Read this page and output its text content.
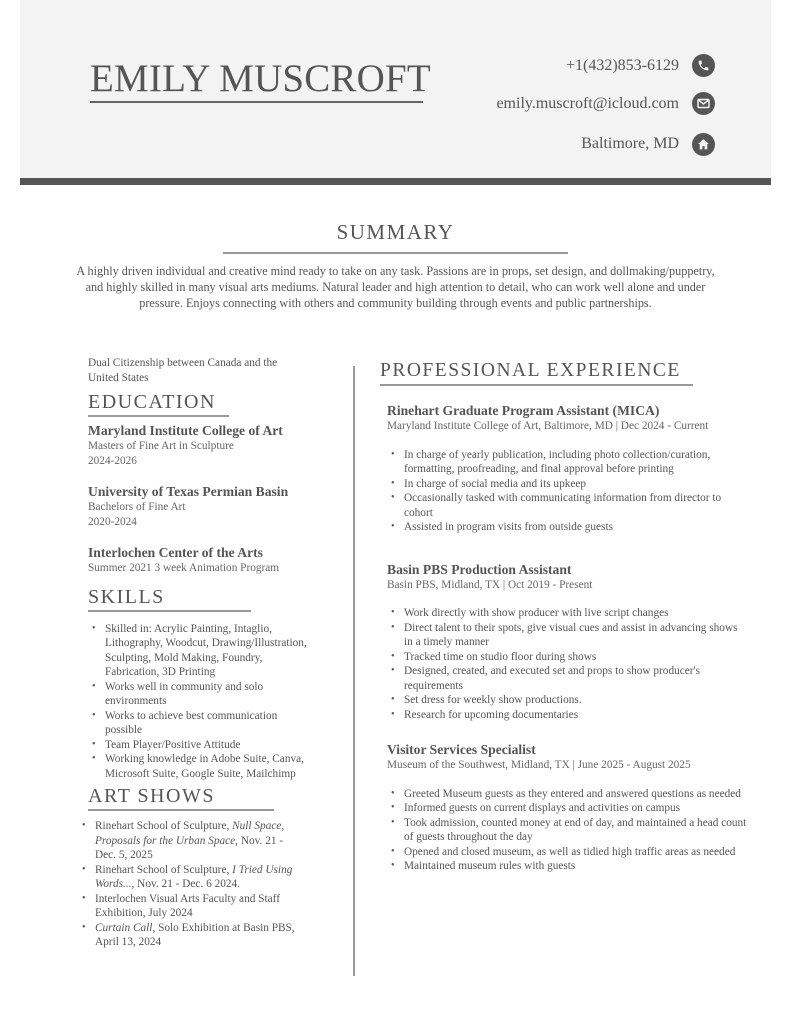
EMILY MUSCROFT	+1(432)853-6129
emily.muscroft@icloud.com
Baltimore, MD
SUMMARY
A highly driven individual and creative mind ready to take on any task. Passions are in props, set design, and dollmaking/puppetry, and highly skilled in many visual arts mediums. Natural leader and high attention to detail, who can work well alone and under pressure. Enjoys connecting with others and community building through events and public partnerships.
Dual Citizenship between Canada and the United States
EDUCATION
Maryland Institute College of Art
Masters of Fine Art in Sculpture
2024-2026
University of Texas Permian Basin
Bachelors of Fine Art
2020-2024
Interlochen Center of the Arts
Summer 2021 3 week Animation Program
SKILLS
• Skilled in: Acrylic Painting, Intaglio, Lithography, Woodcut, Drawing/Illustration, Sculpting, Mold Making, Foundry, Fabrication, 3D Printing
• Works well in community and solo environments
• Works to achieve best communication possible
• Team Player/Positive Attitude
• Working knowledge in Adobe Suite, Canva, Microsoft Suite, Google Suite, Mailchimp
ART SHOWS
• Rinehart School of Sculpture, Null Space, Proposals for the Urban Space, Nov. 21 - Dec. 5, 2025
• Rinehart School of Sculpture, I Tried Using Words..., Nov. 21 - Dec. 6 2024.
• Interlochen Visual Arts Faculty and Staff Exhibition, July 2024
• Curtain Call, Solo Exhibition at Basin PBS, April 13, 2024
PROFESSIONAL EXPERIENCE
Rinehart Graduate Program Assistant (MICA)
Maryland Institute College of Art, Baltimore, MD | Dec 2024 - Current
• In charge of yearly publication, including photo collection/curation, formatting, proofreading, and final approval before printing
• In charge of social media and its upkeep
• Occasionally tasked with communicating information from director to cohort
• Assisted in program visits from outside guests
Basin PBS Production Assistant
Basin PBS, Midland, TX | Oct 2019 - Present
• Work directly with show producer with live script changes
• Direct talent to their spots, give visual cues and assist in advancing shows in a timely manner
• Tracked time on studio floor during shows
• Designed, created, and executed set and props to show producer's requirements
• Set dress for weekly show productions.
• Research for upcoming documentaries
Visitor Services Specialist
Museum of the Southwest, Midland, TX | June 2025 - August 2025
• Greeted Museum guests as they entered and answered questions as needed
• Informed guests on current displays and activities on campus
• Took admission, counted money at end of day, and maintained a head count of guests throughout the day
• Opened and closed museum, as well as tidied high traffic areas as needed
• Maintained museum rules with guests
